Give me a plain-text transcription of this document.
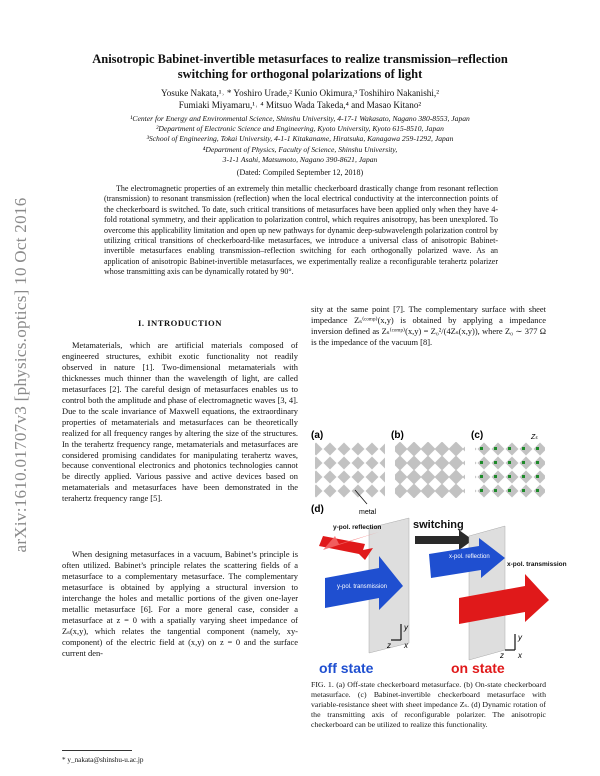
arXiv:1610.01707v3 [physics.optics] 10 Oct 2016
Anisotropic Babinet-invertible metasurfaces to realize transmission–reflection
switching for orthogonal polarizations of light
Yosuke Nakata,¹˒ * Yoshiro Urade,² Kunio Okimura,³ Toshihiro Nakanishi,²
Fumiaki Miyamaru,¹˒ ⁴ Mitsuo Wada Takeda,⁴ and Masao Kitano²
¹Center for Energy and Environmental Science, Shinshu University, 4-17-1 Wakasato, Nagano 380-8553, Japan
²Department of Electronic Science and Engineering, Kyoto University, Kyoto 615-8510, Japan
³School of Engineering, Tokai University, 4-1-1 Kitakaname, Hiratsuka, Kanagawa 259-1292, Japan
⁴Department of Physics, Faculty of Science, Shinshu University,
3-1-1 Asahi, Matsumoto, Nagano 390-8621, Japan
(Dated: Compiled September 12, 2018)
The electromagnetic properties of an extremely thin metallic checkerboard drastically change from resonant reflection (transmission) to resonant transmission (reflection) when the local electrical conductivity at the interconnection points of the checkerboard is switched. To date, such critical transitions of metasurfaces have been applied only when they have 4-fold rotational symmetry, and their application to polarization control, which requires anisotropy, has been unexplored. To overcome this applicability limitation and open up new pathways for dynamic deep-subwavelength polarization control by utilizing critical transitions of checkerboard-like metasurfaces, we introduce a universal class of anisotropic Babinet-invertible metasurfaces enabling transmission–reflection switching for each orthogonally polarized wave. As an application of anisotropic Babinet-invertible metasurfaces, we experimentally realize a reconfigurable terahertz polarizer whose transmitting axis can be dynamically rotated by 90°.
I. INTRODUCTION
Metamaterials, which are artificial materials composed of engineered structures, exhibit exotic functionality not readily observed in nature [1]. Two-dimensional metamaterials with thicknesses much thinner than the wavelength of light, are called metasurfaces [2]. The careful design of metasurfaces enables us to control both the amplitude and phase of electromagnetic waves [3, 4]. Due to the scale invariance of Maxwell equations, the extraordinary properties of metamaterials and metasurfaces can be theoretically realized for all frequency ranges by altering the size of the structures. In the terahertz frequency range, metamaterials and metasurfaces are considered promising candidates for manipulating terahertz waves, because conventional electronics and photonics technologies cannot be directly applied. Various passive and active devices based on metamaterials and metasurfaces have been demonstrated in the terahertz frequency range [5].
When designing metasurfaces in a vacuum, Babinet’s principle is often utilized. Babinet’s principle relates the scattering fields of a metasurface to a complementary metasurface. The complementary metasurface is obtained by applying a structural inversion to interchange the holes and metallic portions of the given one-layer metallic metasurface [6]. For a more general case, consider a metasurface at z = 0 with a spatially varying sheet impedance of Zₛ(x,y), which relates the tangential component (namely, xy-component) of the electric field at (x,y) on z = 0 and the surface current den-
sity at the same point [7]. The complementary surface with sheet impedance Zₛ⁽ᶜᵒᵐᵖ⁾(x,y) is obtained by applying a impedance inversion defined as Zₛ⁽ᶜᵒᵐᵖ⁾(x,y) = Z₀²/(4Zₛ(x,y)), where Z₀ ∼ 377 Ω is the impedance of the vacuum [8].
* y_nakata@shinshu-u.ac.jp
(a)
metal
(b)	(c)	Zₛ
(d)
y-pol. reflection
y-pol. transmission
switching
x-pol. reflection
x-pol. transmission
y
z x
y
z x
off state	on state
FIG. 1. (a) Off-state checkerboard metasurface. (b) On-state checkerboard metasurface. (c) Babinet-invertible checkerboard metasurface with variable-resistance sheet with sheet impedance Zₛ. (d) Dynamic rotation of the transmitting axis of reconfigurable polarizer. The anisotropic checkerboard can be utilized to realize this functionality.
